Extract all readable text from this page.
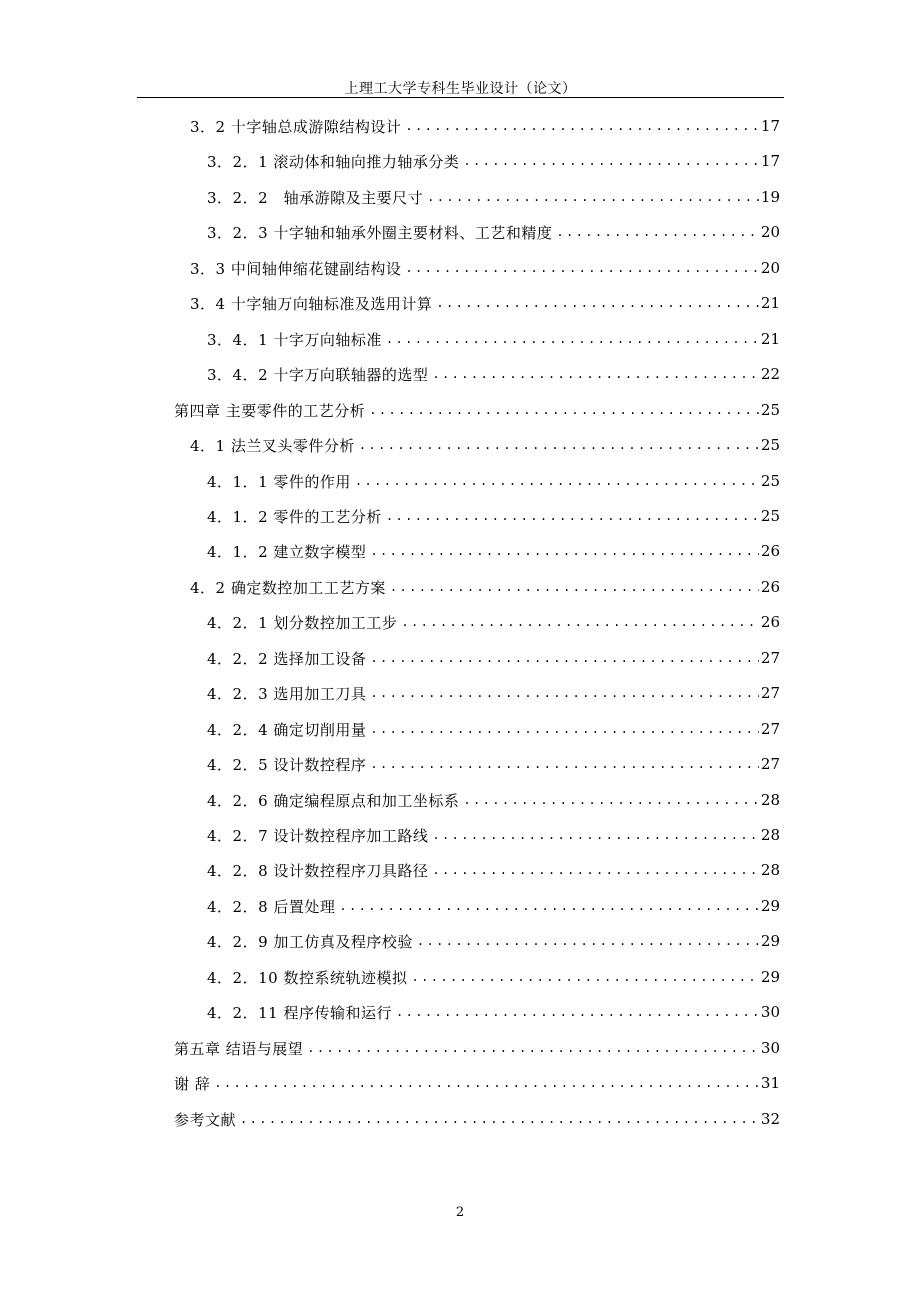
上理工大学专科生毕业设计（论文）
3．2 十字轴总成游隙结构设计 .....	17
3．2．1 滚动体和轴向推力轴承分类 .....	17
3．2．2　轴承游隙及主要尺寸 .....	19
3．2．3 十字轴和轴承外圈主要材料、工艺和精度 .....	20
3．3 中间轴伸缩花键副结构设 .....	20
3．4 十字轴万向轴标准及选用计算 .....	21
3．4．1 十字万向轴标准 .....	21
3．4．2 十字万向联轴器的选型 .....	22
第四章 主要零件的工艺分析 .....	25
4．1 法兰叉头零件分析 .....	25
4．1．1 零件的作用 .....	25
4．1．2 零件的工艺分析 .....	25
4．1．2 建立数字模型 .....	26
4．2 确定数控加工工艺方案 .....	26
4．2．1 划分数控加工工步 .....	26
4．2．2 选择加工设备 .....	27
4．2．3 选用加工刀具 .....	27
4．2．4 确定切削用量 .....	27
4．2．5 设计数控程序 .....	27
4．2．6 确定编程原点和加工坐标系 .....	28
4．2．7 设计数控程序加工路线 .....	28
4．2．8 设计数控程序刀具路径 .....	28
4．2．8 后置处理 .....	29
4．2．9 加工仿真及程序校验 .....	29
4．2．10 数控系统轨迹模拟 .....	29
4．2．11 程序传输和运行 .....	30
第五章 结语与展望 .....	30
谢 辞 .....	31
参考文献 .....	32
2
